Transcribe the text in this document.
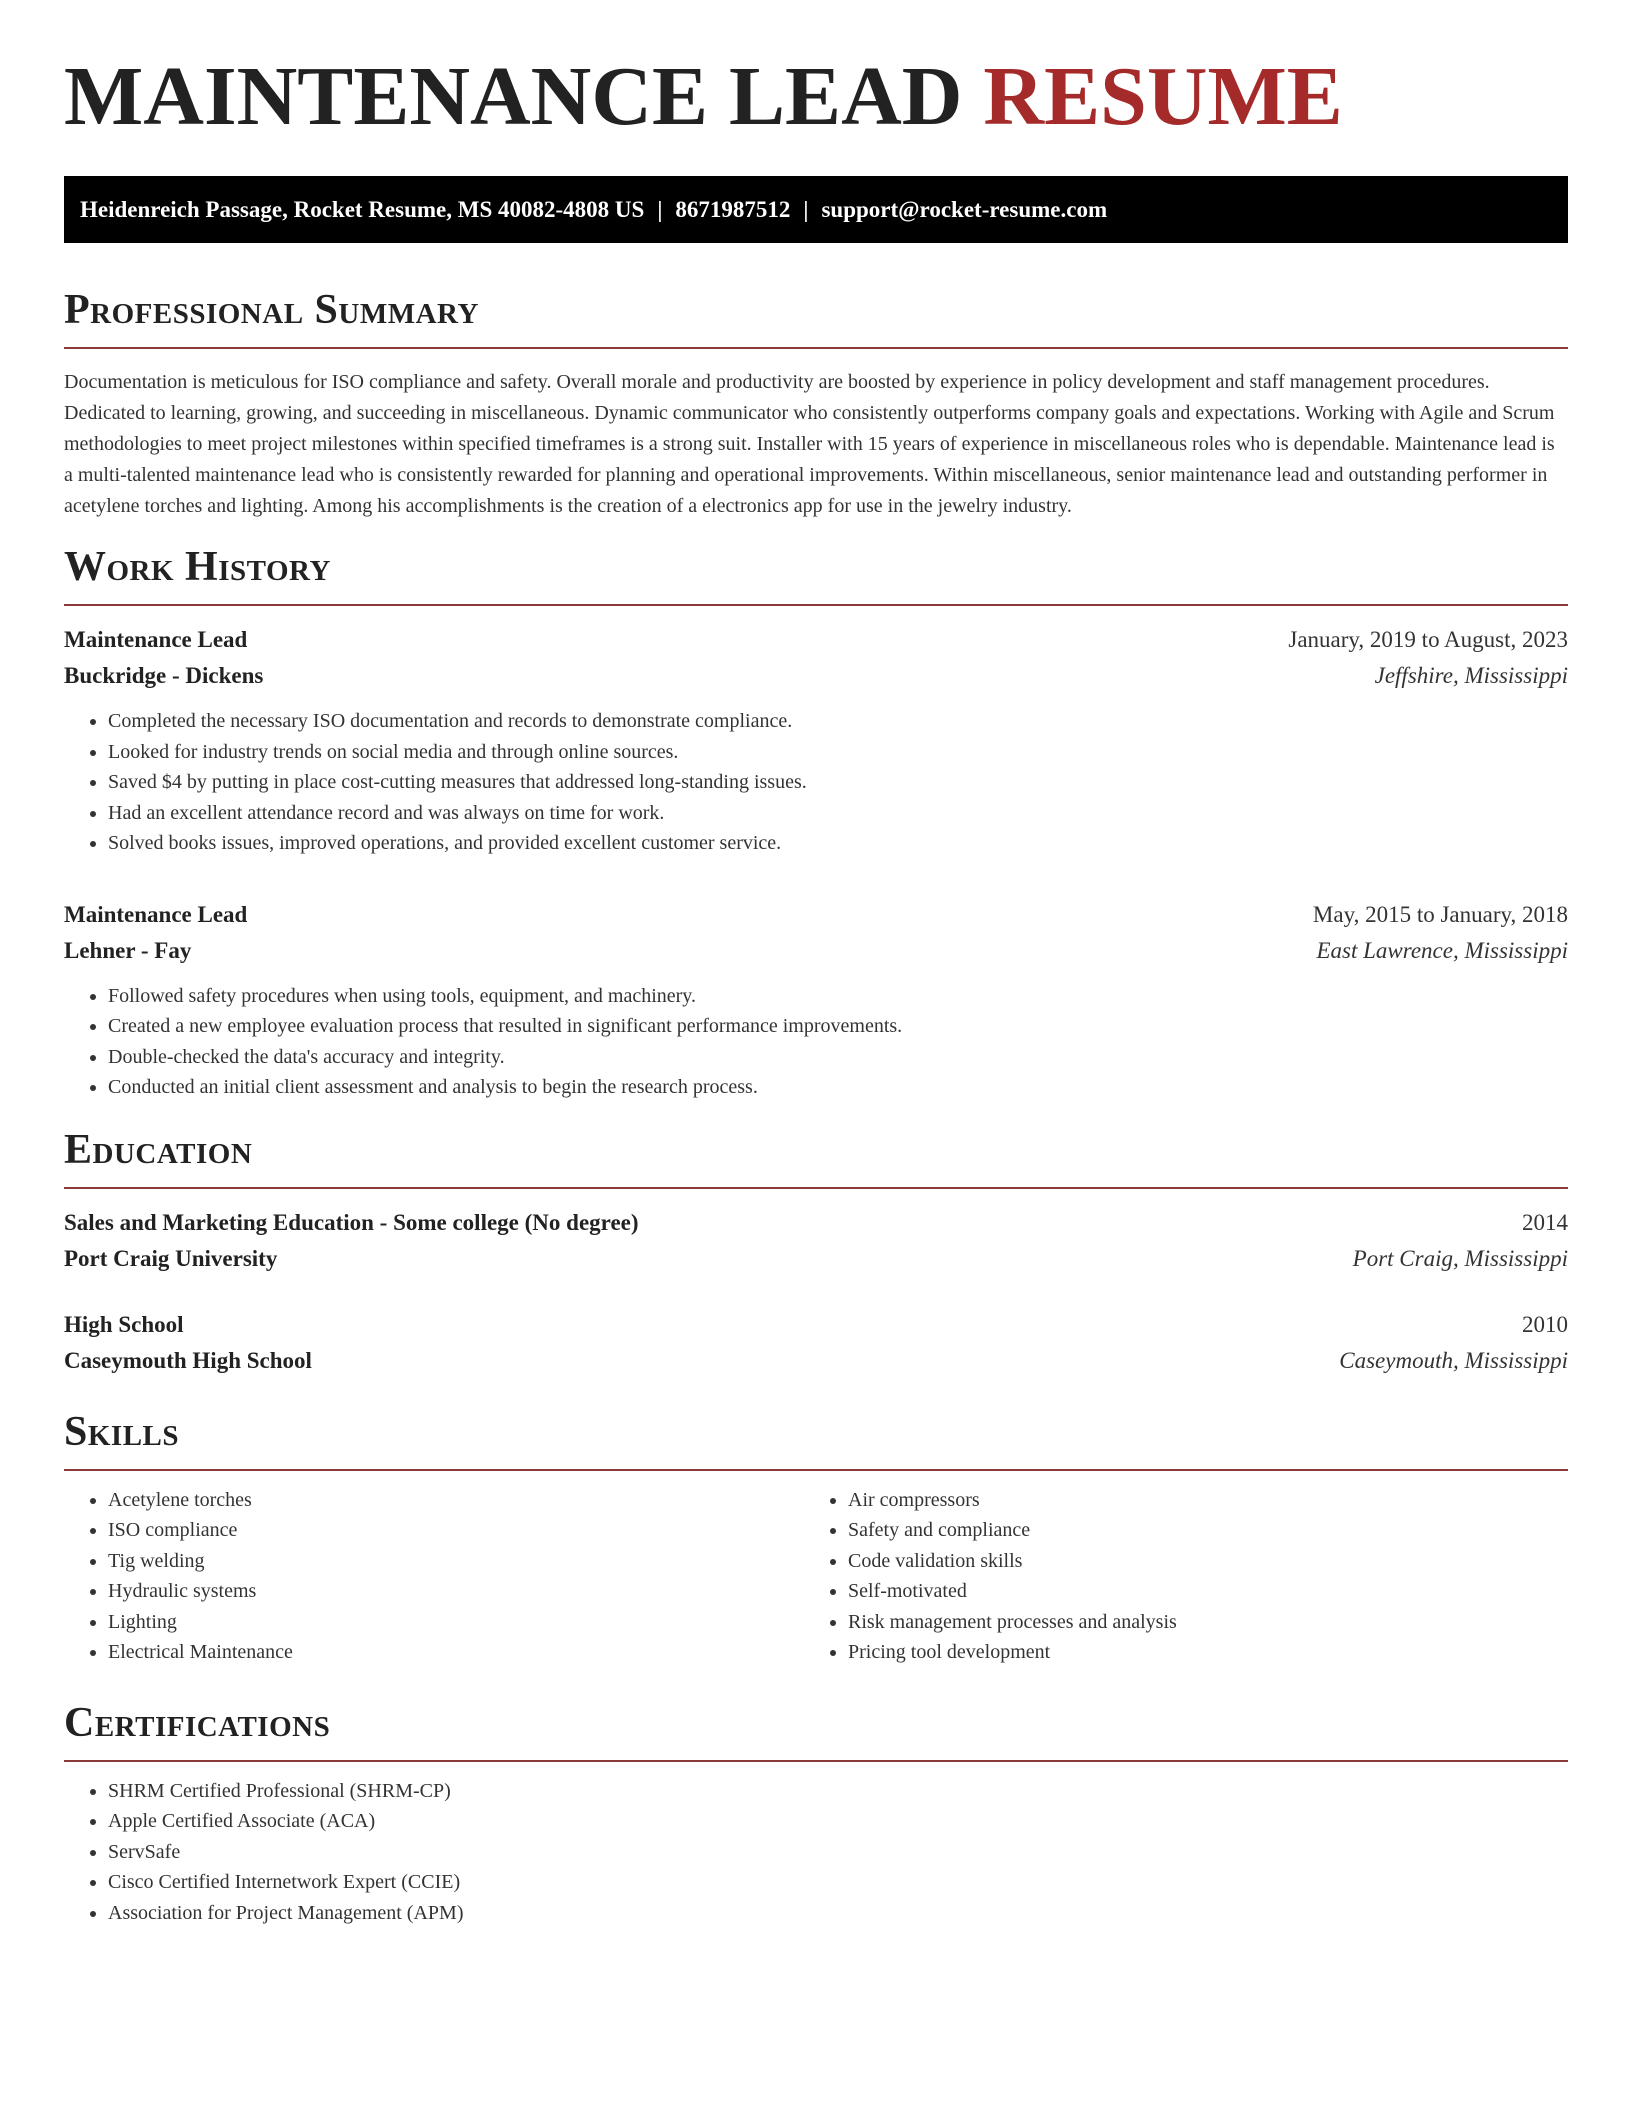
MAINTENANCE LEAD RESUME
Heidenreich Passage, Rocket Resume, MS 40082-4808 US | 8671987512 | support@rocket-resume.com
Professional Summary

Documentation is meticulous for ISO compliance and safety. Overall morale and productivity are boosted by experience in policy development and staff management procedures. Dedicated to learning, growing, and succeeding in miscellaneous. Dynamic communicator who consistently outperforms company goals and expectations. Working with Agile and Scrum methodologies to meet project milestones within specified timeframes is a strong suit. Installer with 15 years of experience in miscellaneous roles who is dependable. Maintenance lead is a multi-talented maintenance lead who is consistently rewarded for planning and operational improvements. Within miscellaneous, senior maintenance lead and outstanding performer in acetylene torches and lighting. Among his accomplishments is the creation of a electronics app for use in the jewelry industry.

Work History
Maintenance Lead	January, 2019 to August, 2023
Buckridge - Dickens	Jeffshire, Mississippi
• Completed the necessary ISO documentation and records to demonstrate compliance.
• Looked for industry trends on social media and through online sources.
• Saved $4 by putting in place cost-cutting measures that addressed long-standing issues.
• Had an excellent attendance record and was always on time for work.
• Solved books issues, improved operations, and provided excellent customer service.
Maintenance Lead	May, 2015 to January, 2018
Lehner - Fay	East Lawrence, Mississippi
• Followed safety procedures when using tools, equipment, and machinery.
• Created a new employee evaluation process that resulted in significant performance improvements.
• Double-checked the data's accuracy and integrity.
• Conducted an initial client assessment and analysis to begin the research process.
Education
Sales and Marketing Education - Some college (No degree)	2014
Port Craig University	Port Craig, Mississippi
High School	2010
Caseymouth High School	Caseymouth, Mississippi
Skills
• Acetylene torches
• ISO compliance
• Tig welding
• Hydraulic systems
• Lighting
• Electrical Maintenance
• Air compressors
• Safety and compliance
• Code validation skills
• Self-motivated
• Risk management processes and analysis
• Pricing tool development
Certifications
• SHRM Certified Professional (SHRM-CP)
• Apple Certified Associate (ACA)
• ServSafe
• Cisco Certified Internetwork Expert (CCIE)
• Association for Project Management (APM)
